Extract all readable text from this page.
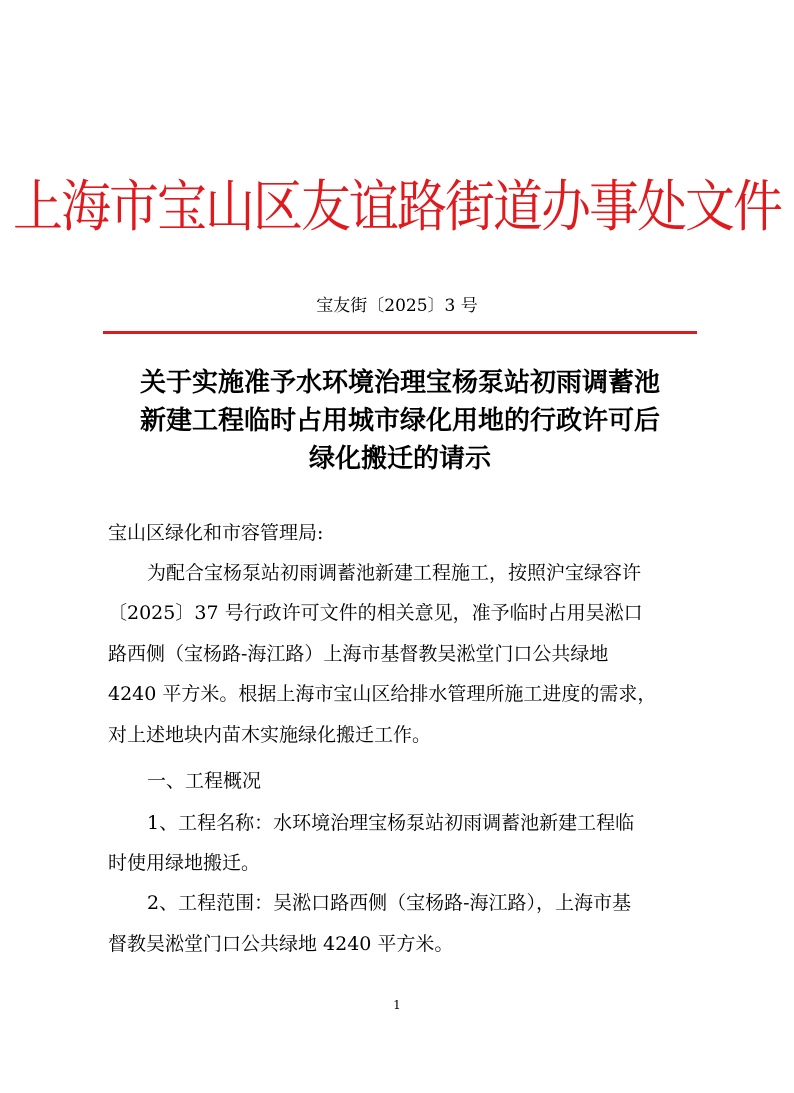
上海市宝山区友谊路街道办事处文件
宝友街〔2025〕3 号
关于实施准予水环境治理宝杨泵站初雨调蓄池
新建工程临时占用城市绿化用地的行政许可后
绿化搬迁的请示
宝山区绿化和市容管理局:
为配合宝杨泵站初雨调蓄池新建工程施工，按照沪宝绿容许
〔2025〕37 号行政许可文件的相关意见，准予临时占用吴淞口
路西侧（宝杨路-海江路）上海市基督教吴淞堂门口公共绿地
4240 平方米。根据上海市宝山区给排水管理所施工进度的需求，
对上述地块内苗木实施绿化搬迁工作。
一、工程概况
1、工程名称：水环境治理宝杨泵站初雨调蓄池新建工程临
时使用绿地搬迁。
2、工程范围：吴淞口路西侧（宝杨路-海江路），上海市基
督教吴淞堂门口公共绿地 4240 平方米。
1
